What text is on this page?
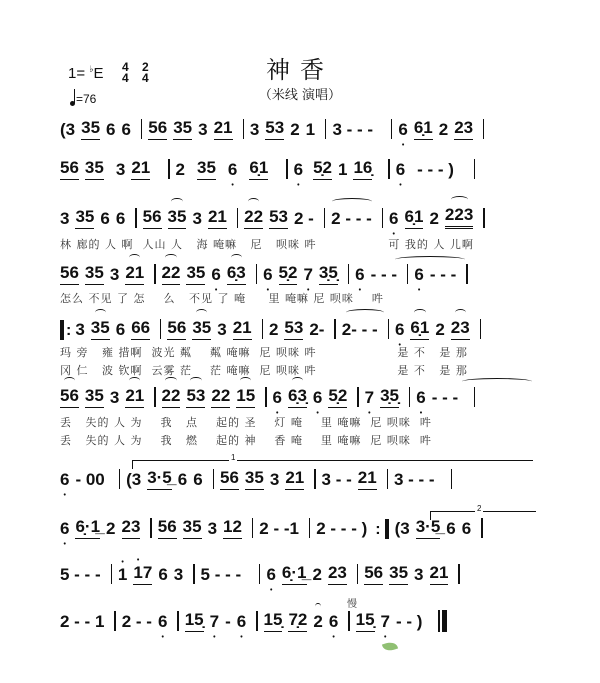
神香
（米线 演唱）
1= ♭E 4
4
2
4
=76
(3 35 6 6 56 35 3 21 3 53 2 1 3 - - - 6 • 6̣1 2 23
56 35 3 21 2 35 6 • 6̣1 6 • 5̣2 1 16̣ 6 • - - - )
3 35 6 6 56 35 3 21 22 53 2 - 2 - - - 6 • 6̣1 2 223
林 廊的 人 啊  人山 人   海 唵嘛   尼   呗咪 吽                可 我的 人 儿啊
56 35 3 21 22 35 6 • 6̣3 6 • 5̣2 7 • 3̣5̣ 6 • - - - 6 • - - -
怎么 不见 了 怎    么   不见 了 唵     里 唵嘛 尼 呗咪    吽
: 3 35 6 66 56 35 3 21 2 53 2- 2- - - 6 • 6̣1 2 23
玛 旁   雍 措啊  波光 粼    粼 唵嘛  尼 呗咪 吽                  是 不   是 那
冈 仁   波 钦啊  云雾 茫    茫 唵嘛  尼 呗咪 吽                  是 不   是 那
56 35 3 21 22 53 22 15 6 • 6̣3̣ 6 • 5̣2 7 • 3̣5̣ 6 • - - -
丢   失的 人 为    我   点    起的 圣    灯 唵    里 唵嘛  尼 呗咪  吽
丢   失的 人 为    我   燃    起的 神    香 唵    里 唵嘛  尼 呗咪  吽
1
6 • - 00 (3 3·5̲ 6 6 56 35 3 21 3 - - 21 3 - - -
2
6 • 6̣·1̲ 2 23 56 35 3 12 2 - -1 2 - - - ) : (3 3·5̲ 6 6
5 - - - • 1 • 17 6 3 5 - - - 6 • 6̣·1̲ 2 23 56 35 3 21
慢
2 - - 1 2 - - 6 • 15̣ 7 • - 6 • 15̣ 7̣2 2 6 • 15̣ 7 • - - )
